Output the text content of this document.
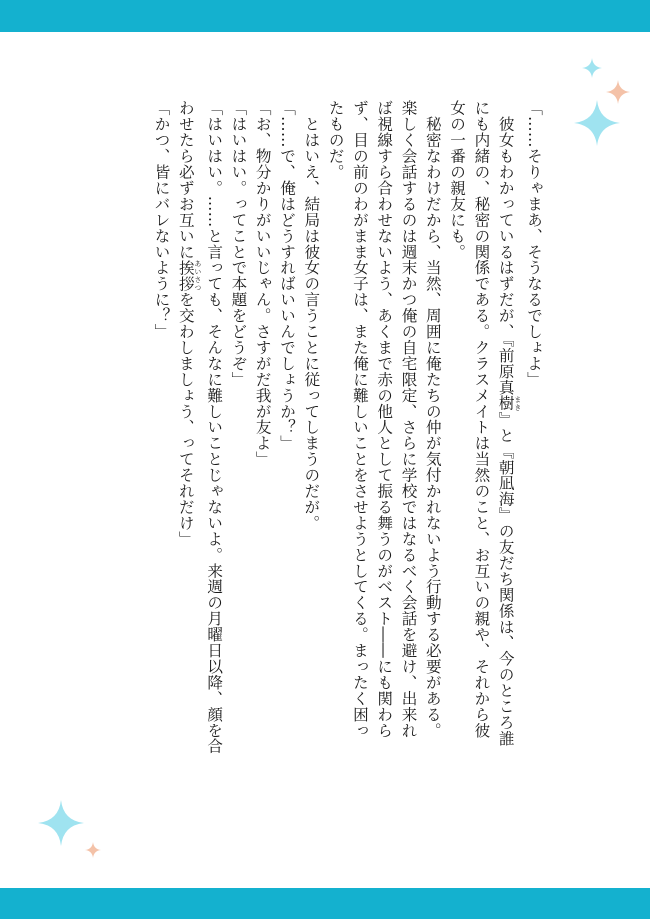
「……そりゃまあ、そうなるでしょよ」
　彼女もわかっているはずだが、『前原真樹 まき』と『朝凪海』の友だち関係は、今のところ誰
にも内緒の、秘密の関係である。クラスメイトは当然のこと、お互いの親や、それから彼
女の一番の親友にも。
　秘密なわけだから、当然、周囲に俺たちの仲が気付かれないよう行動する必要がある。
楽しく会話するのは週末かつ俺の自宅限定、さらに学校ではなるべく会話を避け、出来れ
ば視線すら合わせないよう、あくまで赤の他人として振る舞うのがベスト――にも関わら
ず、目の前のわがまま女子は、また俺に難しいことをさせようとしてくる。まったく困っ
たものだ。
　とはいえ、結局は彼女の言うことに従ってしまうのだが。
「……で、俺はどうすればいいんでしょうか？」
「お、物分かりがいいじゃん。さすがだ我が友よ」
「はいはい。ってことで本題をどうぞ」
「はいはい。……と言っても、そんなに難しいことじゃないよ。来週の月曜日以降、顔を合
わせたら必ずお互いに挨拶 あいさつを交わしましょう、ってそれだけ」
「かつ、皆にバレないように？」
